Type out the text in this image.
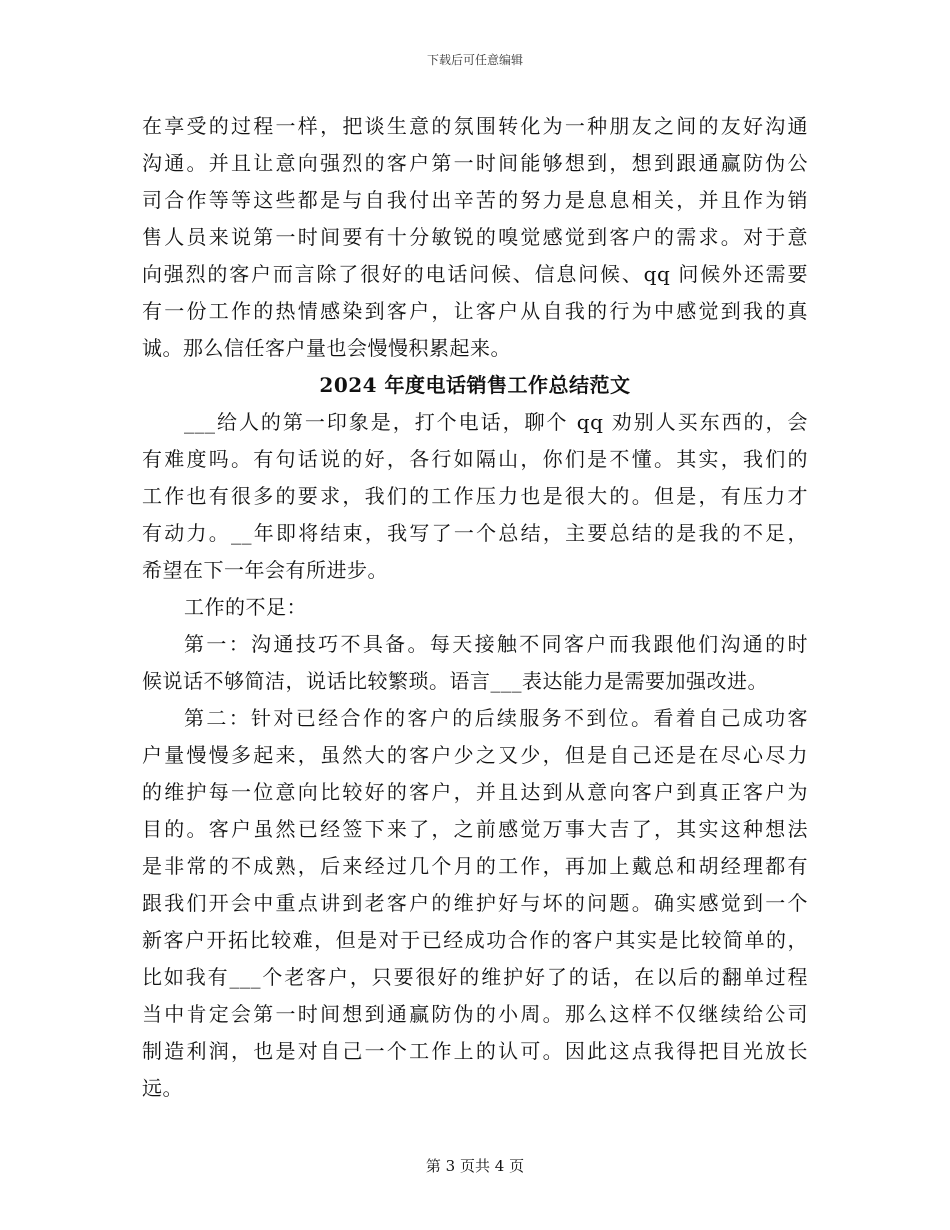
下载后可任意编辑
在享受的过程一样，把谈生意的氛围转化为一种朋友之间的友好沟通
沟通。并且让意向强烈的客户第一时间能够想到，想到跟通赢防伪公
司合作等等这些都是与自我付出辛苦的努力是息息相关，并且作为销
售人员来说第一时间要有十分敏锐的嗅觉感觉到客户的需求。对于意
向强烈的客户而言除了很好的电话问候、信息问候、qq 问候外还需要
有一份工作的热情感染到客户，让客户从自我的行为中感觉到我的真
诚。那么信任客户量也会慢慢积累起来。
2024 年度电话销售工作总结范文
___给人的第一印象是，打个电话，聊个 qq 劝别人买东西的，会
有难度吗。有句话说的好，各行如隔山，你们是不懂。其实，我们的
工作也有很多的要求，我们的工作压力也是很大的。但是，有压力才
有动力。__年即将结束，我写了一个总结，主要总结的是我的不足，
希望在下一年会有所进步。
工作的不足：
第一：沟通技巧不具备。每天接触不同客户而我跟他们沟通的时
候说话不够简洁，说话比较繁琐。语言___表达能力是需要加强改进。
第二：针对已经合作的客户的后续服务不到位。看着自己成功客
户量慢慢多起来，虽然大的客户少之又少，但是自己还是在尽心尽力
的维护每一位意向比较好的客户，并且达到从意向客户到真正客户为
目的。客户虽然已经签下来了，之前感觉万事大吉了，其实这种想法
是非常的不成熟，后来经过几个月的工作，再加上戴总和胡经理都有
跟我们开会中重点讲到老客户的维护好与坏的问题。确实感觉到一个
新客户开拓比较难，但是对于已经成功合作的客户其实是比较简单的，
比如我有___个老客户，只要很好的维护好了的话，在以后的翻单过程
当中肯定会第一时间想到通赢防伪的小周。那么这样不仅继续给公司
制造利润，也是对自己一个工作上的认可。因此这点我得把目光放长
远。
第 3 页共 4 页
